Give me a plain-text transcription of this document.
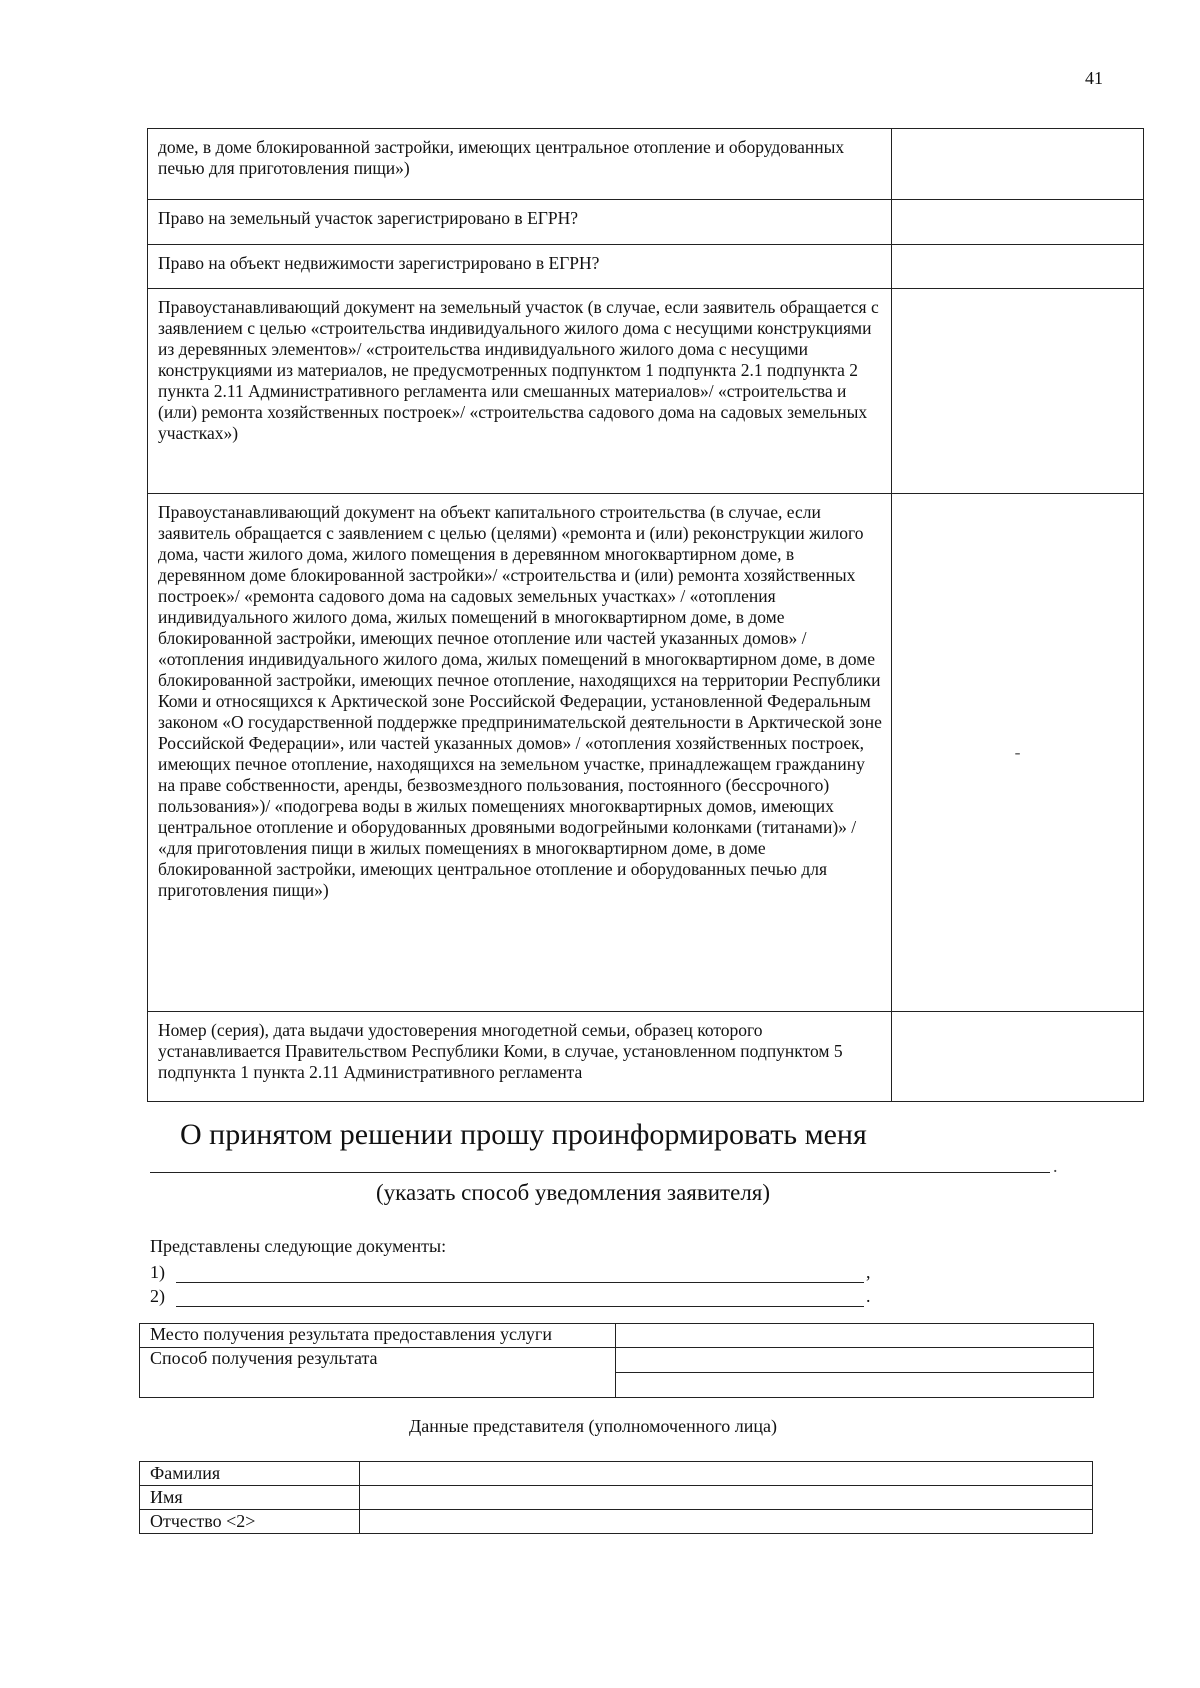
41
доме, в доме блокированной застройки, имеющих центральное отопление и оборудованных печью для приготовления пищи»)	
Право на земельный участок зарегистрировано в ЕГРН?	
Право на объект недвижимости зарегистрировано в ЕГРН?	
Правоустанавливающий документ на земельный участок (в случае, если заявитель обращается с заявлением с целью «строительства индивидуального жилого дома с несущими конструкциями из деревянных элементов»/ «строительства индивидуального жилого дома с несущими конструкциями из материалов, не предусмотренных подпунктом 1 подпункта 2.1 подпункта 2 пункта 2.11 Административного регламента или смешанных материалов»/ «строительства и (или) ремонта хозяйственных построек»/ «строительства садового дома на садовых земельных участках»)	
Правоустанавливающий документ на объект капитального строительства (в случае, если заявитель обращается с заявлением с целью (целями) «ремонта и (или) реконструкции жилого дома, части жилого дома, жилого помещения в деревянном многоквартирном доме, в деревянном доме блокированной застройки»/ «строительства и (или) ремонта хозяйственных построек»/ «ремонта садового дома на садовых земельных участках» / «отопления индивидуального жилого дома, жилых помещений в многоквартирном доме, в доме блокированной застройки, имеющих печное отопление или частей указанных домов» / «отопления индивидуального жилого дома, жилых помещений в многоквартирном доме, в доме блокированной застройки, имеющих печное отопление, находящихся на территории Республики Коми и относящихся к Арктической зоне Российской Федерации, установленной Федеральным законом «О государственной поддержке предпринимательской деятельности в Арктической зоне Российской Федерации», или частей указанных домов» / «отопления хозяйственных построек, имеющих печное отопление, находящихся на земельном участке, принадлежащем гражданину на праве собственности, аренды, безвозмездного пользования, постоянного (бессрочного) пользования»)/ «подогрева воды в жилых помещениях многоквартирных домов, имеющих центральное отопление и оборудованных дровяными водогрейными колонками (титанами)» / «для приготовления пищи в жилых помещениях в многоквартирном доме, в доме блокированной застройки, имеющих центральное отопление и оборудованных печью для приготовления пищи»)	-
Номер (серия), дата выдачи удостоверения многодетной семьи, образец которого устанавливается Правительством Республики Коми, в случае, установленном подпунктом 5 подпункта 1 пункта 2.11 Административного регламента	
О принятом решении прошу проинформировать меня
.
(указать способ уведомления заявителя)
Представлены следующие документы:
1)	,
2)	.
Место получения результата предоставления услуги	
Способ получения результата	
Данные представителя (уполномоченного лица)
Фамилия	
Имя	
Отчество <2>	
